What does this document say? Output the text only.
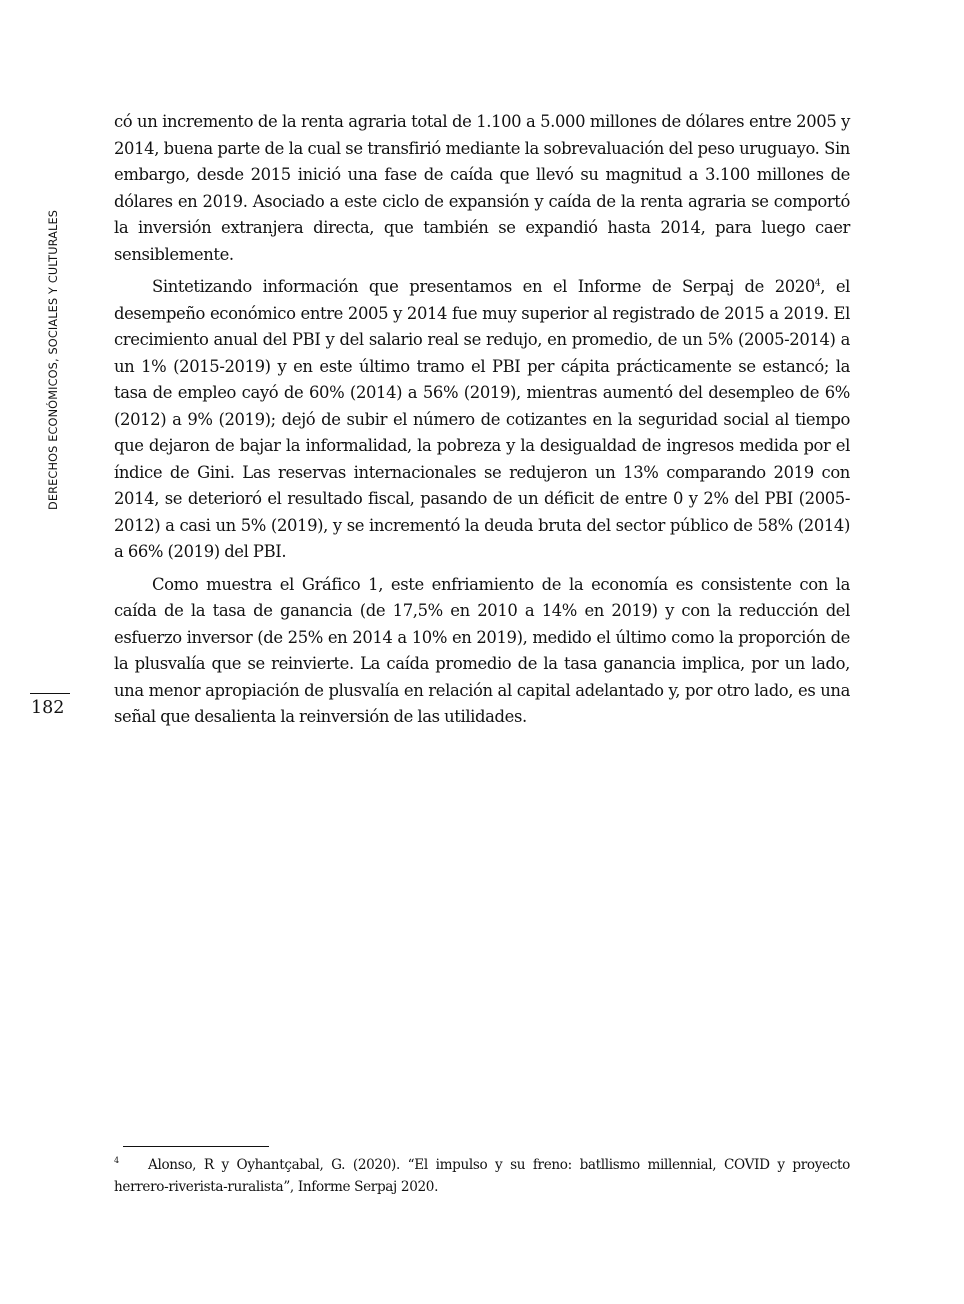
DERECHOS ECONÓMICOS, SOCIALES Y CULTURALES
182

có un incremento de la renta agraria total de 1.100 a 5.000 millones de dólares entre 2005 y 2014, buena parte de la cual se transfirió mediante la sobrevaluación del peso uruguayo. Sin embargo, desde 2015 inició una fase de caída que llevó su magnitud a 3.100 millones de dólares en 2019. Asociado a este ciclo de expansión y caída de la renta agraria se comportó la inversión extranjera directa, que también se expandió hasta 2014, para luego caer sensiblemente.

Sintetizando información que presentamos en el Informe de Serpaj de 2020$^4$, el desempeño económico entre 2005 y 2014 fue muy superior al registrado de 2015 a 2019. El crecimiento anual del PBI y del salario real se redujo, en promedio, de un 5% (2005-2014) a un 1% (2015-2019) y en este último tramo el PBI per cápita prácticamente se estancó; la tasa de empleo cayó de 60% (2014) a 56% (2019), mientras aumentó del desempleo de 6% (2012) a 9% (2019); dejó de subir el número de cotizantes en la seguridad social al tiempo que dejaron de bajar la informalidad, la pobreza y la desigualdad de ingresos medida por el índice de Gini. Las reservas internacionales se redujeron un 13% comparando 2019 con 2014, se deterioró el resultado fiscal, pasando de un déficit de entre 0 y 2% del PBI (2005-2012) a casi un 5% (2019), y se incrementó la deuda bruta del sector público de 58% (2014) a 66% (2019) del PBI.

Como muestra el Gráfico 1, este enfriamiento de la economía es consistente con la caída de la tasa de ganancia (de 17,5% en 2010 a 14% en 2019) y con la reducción del esfuerzo inversor (de 25% en 2014 a 10% en 2019), medido el último como la proporción de la plusvalía que se reinvierte. La caída promedio de la tasa ganancia implica, por un lado, una menor apropiación de plusvalía en relación al capital adelantado y, por otro lado, es una señal que desalienta la reinversión de las utilidades.

4 Alonso, R y Oyhantçabal, G. (2020). “El impulso y su freno: batllismo millennial, COVID y proyecto herrero-riverista-ruralista”, Informe Serpaj 2020.
